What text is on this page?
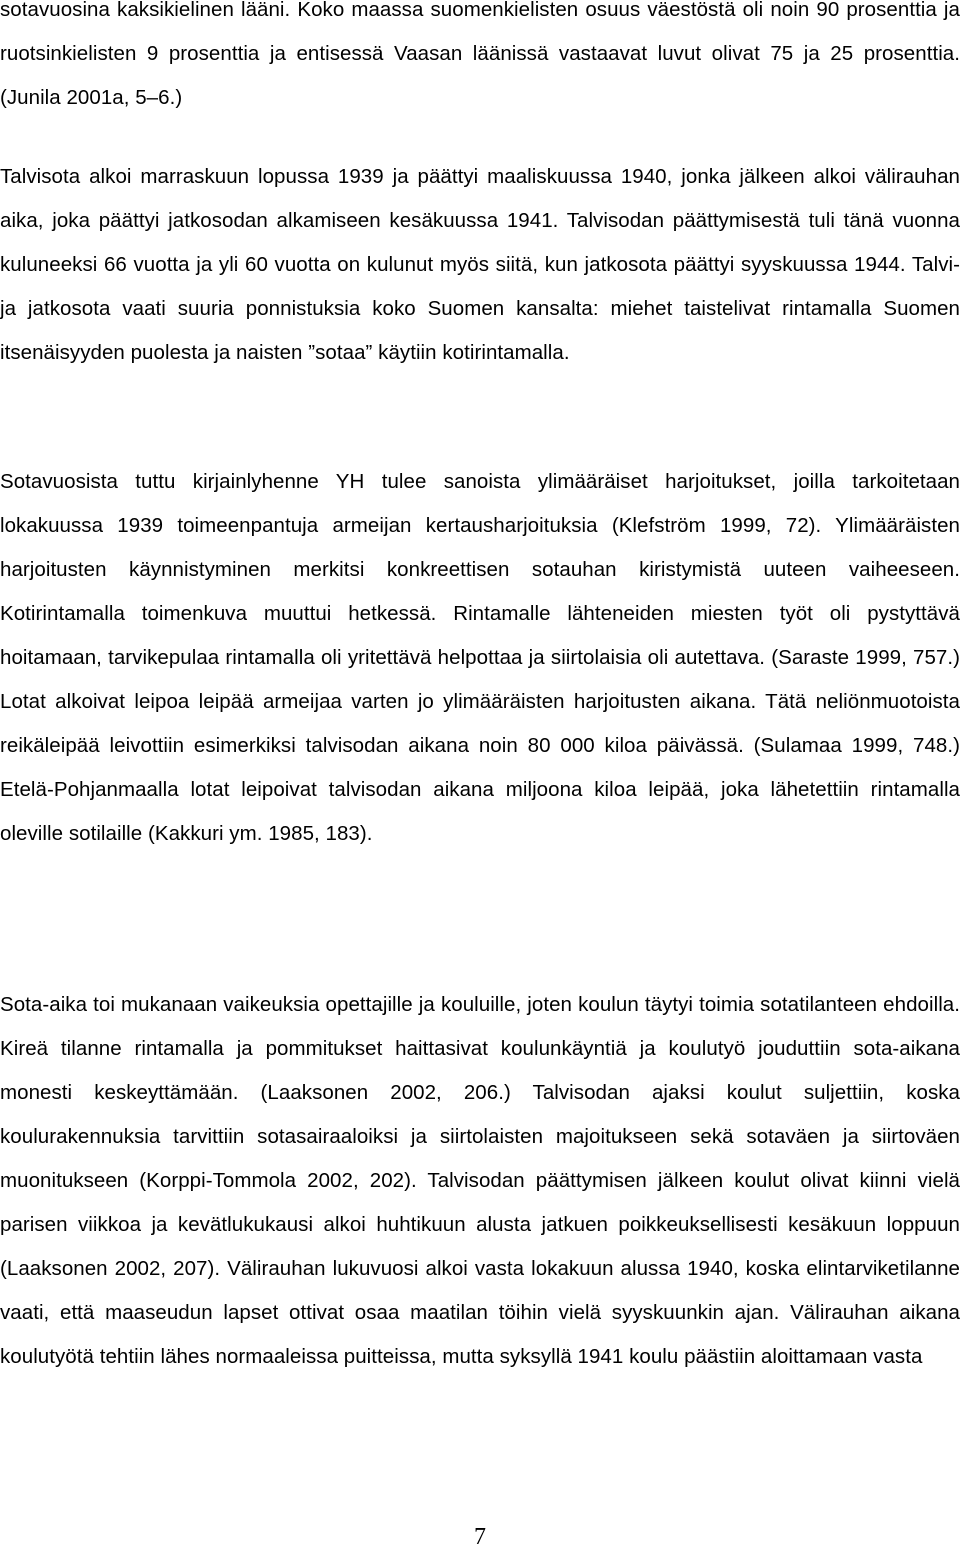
sotavuosina kaksikielinen lääni. Koko maassa suomenkielisten osuus väestöstä oli noin 90 prosenttia ja ruotsinkielisten 9 prosenttia ja entisessä Vaasan läänissä vastaavat luvut olivat 75 ja 25 prosenttia. (Junila 2001a, 5–6.)

Talvisota alkoi marraskuun lopussa 1939 ja päättyi maaliskuussa 1940, jonka jälkeen alkoi välirauhan aika, joka päättyi jatkosodan alkamiseen kesäkuussa 1941. Talvisodan päättymisestä tuli tänä vuonna kuluneeksi 66 vuotta ja yli 60 vuotta on kulunut myös siitä, kun jatkosota päättyi syyskuussa 1944. Talvi- ja jatkosota vaati suuria ponnistuksia koko Suomen kansalta: miehet taistelivat rintamalla Suomen itsenäisyyden puolesta ja naisten ”sotaa” käytiin kotirintamalla.

Sotavuosista tuttu kirjainlyhenne YH tulee sanoista ylimääräiset harjoitukset, joilla tarkoitetaan lokakuussa 1939 toimeenpantuja armeijan kertausharjoituksia (Klefström 1999, 72). Ylimääräisten harjoitusten käynnistyminen merkitsi konkreettisen sotauhan kiristymistä uuteen vaiheeseen. Kotirintamalla toimenkuva muuttui hetkessä. Rintamalle lähteneiden miesten työt oli pystyttävä hoitamaan, tarvikepulaa rintamalla oli yritettävä helpottaa ja siirtolaisia oli autettava. (Saraste 1999, 757.) Lotat alkoivat leipoa leipää armeijaa varten jo ylimääräisten harjoitusten aikana. Tätä neliönmuotoista reikäleipää leivottiin esimerkiksi talvisodan aikana noin 80 000 kiloa päivässä. (Sulamaa 1999, 748.) Etelä-Pohjanmaalla lotat leipoivat talvisodan aikana miljoona kiloa leipää, joka lähetettiin rintamalla oleville sotilaille (Kakkuri ym. 1985, 183).

Sota-aika toi mukanaan vaikeuksia opettajille ja kouluille, joten koulun täytyi toimia sotatilanteen ehdoilla. Kireä tilanne rintamalla ja pommitukset haittasivat koulunkäyntiä ja koulutyö jouduttiin sota-aikana monesti keskeyttämään. (Laaksonen 2002, 206.) Talvisodan ajaksi koulut suljettiin, koska koulurakennuksia tarvittiin sotasairaaloiksi ja siirtolaisten majoitukseen sekä sotaväen ja siirtoväen muonitukseen (Korppi-Tommola 2002, 202). Talvisodan päättymisen jälkeen koulut olivat kiinni vielä parisen viikkoa ja kevätlukukausi alkoi huhtikuun alusta jatkuen poikkeuksellisesti kesäkuun loppuun (Laaksonen 2002, 207). Välirauhan lukuvuosi alkoi vasta lokakuun alussa 1940, koska elintarviketilanne vaati, että maaseudun lapset ottivat osaa maatilan töihin vielä syyskuunkin ajan. Välirauhan aikana koulutyötä tehtiin lähes normaaleissa puitteissa, mutta syksyllä 1941 koulu päästiin aloittamaan vasta

7
